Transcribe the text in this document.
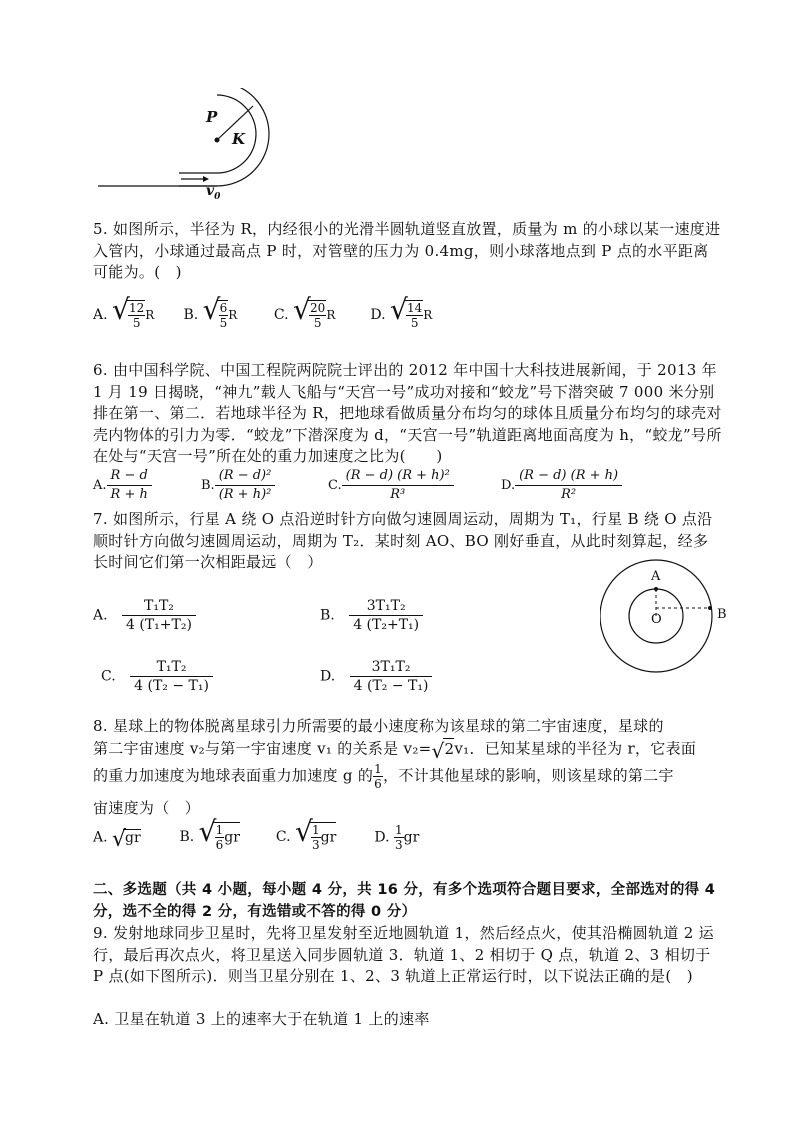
P
K
$v_0$
5. 如图所示，半径为 R，内经很小的光滑半圆轨道竖直放置，质量为 m 的小球以某一速度进入管内，小球通过最高点 P 时，对管壁的压力为 0.4mg，则小球落地点到 P 点的水平距离可能为。(　)
A. √
$\frac{12}{5}$ R B. √
$\frac{6}{5}$ R	C. √
$\frac{20}{5}$ R	D. √
$\frac{14}{5}$ R
6. 由中国科学院、中国工程院两院院士评出的 2012 年中国十大科技进展新闻，于 2013 年 1 月 19 日揭晓，“神九”载人飞船与“天宫一号”成功对接和“蛟龙”号下潜突破 7 000 米分别排在第一、第二．若地球半径为 R，把地球看做质量分布均匀的球体且质量分布均匀的球壳对壳内物体的引力为零．“蛟龙”下潜深度为 d，“天宫一号”轨道距离地面高度为 h，“蛟龙”号所在处与“天宫一号”所在处的重力加速度之比为(　　)
A. $\frac{R - d}{R + h}$	B. $\frac{\text{(R − d)²}}{\text{(R + h)²}}$	C. $\frac{\text{(R − d) (R + h)²}}{\text{R³}}$	D. $\frac{(R - d) (R + h)}{\text{R²}}$
7. 如图所示，行星 A 绕 O 点沿逆时针方向做匀速圆周运动，周期为 T₁，行星 B 绕 O 点沿顺时针方向做匀速圆周运动，周期为 T₂．某时刻 AO、BO 刚好垂直，从此时刻算起，经多长时间它们第一次相距最远（　）
A
B
O
A. $\frac{\text{T₁T₂}}{\text{4 (T₁+T₂)}}$	B. $\frac{\text{3T₁T₂}}{\text{4 (T₂+T₁)}}$
C. $\frac{\text{T₁T₂}}{\text{4 (T₂ − T₁)}}$	D. $\frac{\text{3T₁T₂}}{\text{4 (T₂ − T₁)}}$
8. 星球上的物体脱离星球引力所需要的最小速度称为该星球的第二宇宙速度，星球的
第二宇宙速度 v₂与第一宇宙速度 v₁ 的关系是 v₂= √ 2v₁．已知某星球的半径为 r，它表面
的重力加速度为地球表面重力加速度 g 的 $\frac{1}{6}$ ，不计其他星球的影响，则该星球的第二宇
宙速度为（　）
A. √
gr	B. √
$\frac{1}{6}$ gr	C. √
$\frac{1}{3}$ gr	D. $\frac{1}{3}$ gr
二、多选题（共 4 小题，每小题 4 分，共 16 分，有多个选项符合题目要求，全部选对的得 4 分，选不全的得 2 分，有选错或不答的得 0 分）
9. 发射地球同步卫星时，先将卫星发射至近地圆轨道 1，然后经点火，使其沿椭圆轨道 2 运行，最后再次点火，将卫星送入同步圆轨道 3．轨道 1、2 相切于 Q 点，轨道 2、3 相切于 P 点(如下图所示)．则当卫星分别在 1、2、3 轨道上正常运行时，以下说法正确的是(　)
A. 卫星在轨道 3 上的速率大于在轨道 1 上的速率
